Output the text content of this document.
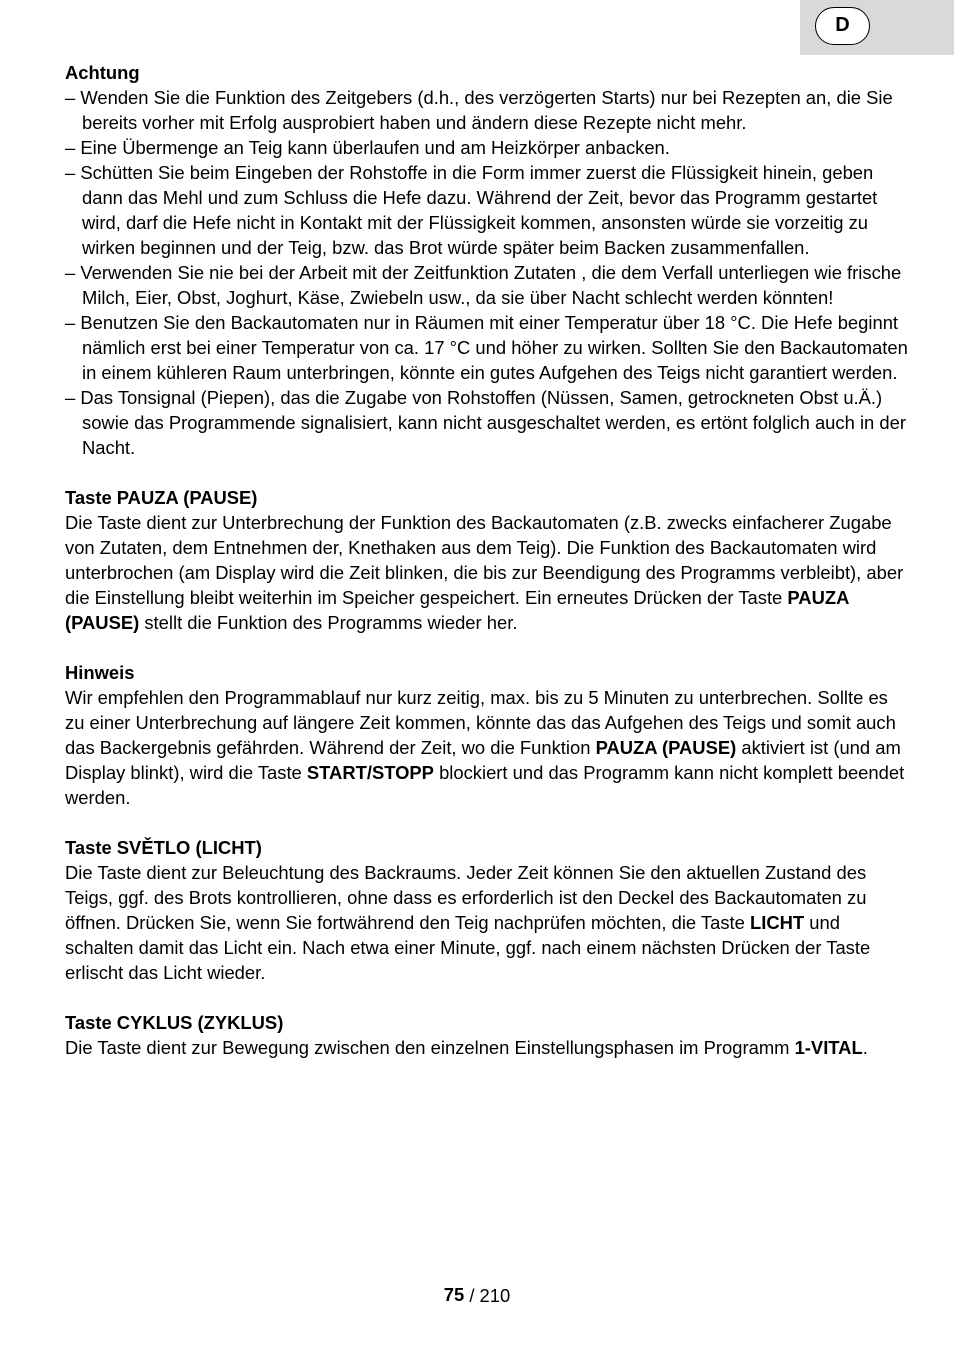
D

Achtung

– Wenden Sie die Funktion des Zeitgebers (d.h., des verzögerten Starts) nur bei Rezepten an, die Sie bereits vorher mit Erfolg ausprobiert haben und ändern diese Rezepte nicht mehr.
– Eine Übermenge an Teig kann überlaufen und am Heizkörper anbacken.
– Schütten Sie beim Eingeben der Rohstoffe in die Form immer zuerst die Flüssigkeit hinein, geben dann das Mehl und zum Schluss die Hefe dazu. Während der Zeit, bevor das Programm gestartet wird, darf die Hefe nicht in Kontakt mit der Flüssigkeit kommen, ansonsten würde sie vorzeitig zu wirken beginnen und der Teig, bzw. das Brot würde später beim Backen zusammenfallen.
– Verwenden Sie nie bei der Arbeit mit der Zeitfunktion Zutaten , die dem Verfall unterliegen wie frische Milch, Eier, Obst, Joghurt, Käse, Zwiebeln usw., da sie über Nacht schlecht werden könnten!
– Benutzen Sie den Backautomaten nur in Räumen mit einer Temperatur über 18 °C. Die Hefe beginnt nämlich erst bei einer Temperatur von ca. 17 °C und höher zu wirken. Sollten Sie den Backautomaten in einem kühleren Raum unterbringen, könnte ein gutes Aufgehen des Teigs nicht garantiert werden.
– Das Tonsignal (Piepen), das die Zugabe von Rohstoffen (Nüssen, Samen, getrockneten Obst u.Ä.) sowie das Programmende signalisiert, kann nicht ausgeschaltet werden, es ertönt folglich auch in der Nacht.

Taste PAUZA (PAUSE)

Die Taste dient zur Unterbrechung der Funktion des Backautomaten (z.B. zwecks einfacherer Zugabe von Zutaten, dem Entnehmen der, Knethaken aus dem Teig). Die Funktion des Backautomaten wird unterbrochen (am Display wird die Zeit blinken, die bis zur Beendigung des Programms verbleibt), aber die Einstellung bleibt weiterhin im Speicher gespeichert. Ein erneutes Drücken der Taste PAUZA (PAUSE) stellt die Funktion des Programms wieder her.

Hinweis

Wir empfehlen den Programmablauf nur kurz zeitig, max. bis zu 5 Minuten zu unterbrechen. Sollte es zu einer Unterbrechung auf längere Zeit kommen, könnte das das Aufgehen des Teigs und somit auch das Backergebnis gefährden. Während der Zeit, wo die Funktion PAUZA (PAUSE) aktiviert ist (und am Display blinkt), wird die Taste START/STOPP blockiert und das Programm kann nicht komplett beendet werden.

Taste SVĚTLO (LICHT)

Die Taste dient zur Beleuchtung des Backraums. Jeder Zeit können Sie den aktuellen Zustand des Teigs, ggf. des Brots kontrollieren, ohne dass es erforderlich ist den Deckel des Backautomaten zu öffnen. Drücken Sie, wenn Sie fortwährend den Teig nachprüfen möchten, die Taste LICHT und schalten damit das Licht ein. Nach etwa einer Minute, ggf. nach einem nächsten Drücken der Taste erlischt das Licht wieder.

Taste CYKLUS (ZYKLUS)

Die Taste dient zur Bewegung zwischen den einzelnen Einstellungsphasen im Programm 1-VITAL.

75 / 210
